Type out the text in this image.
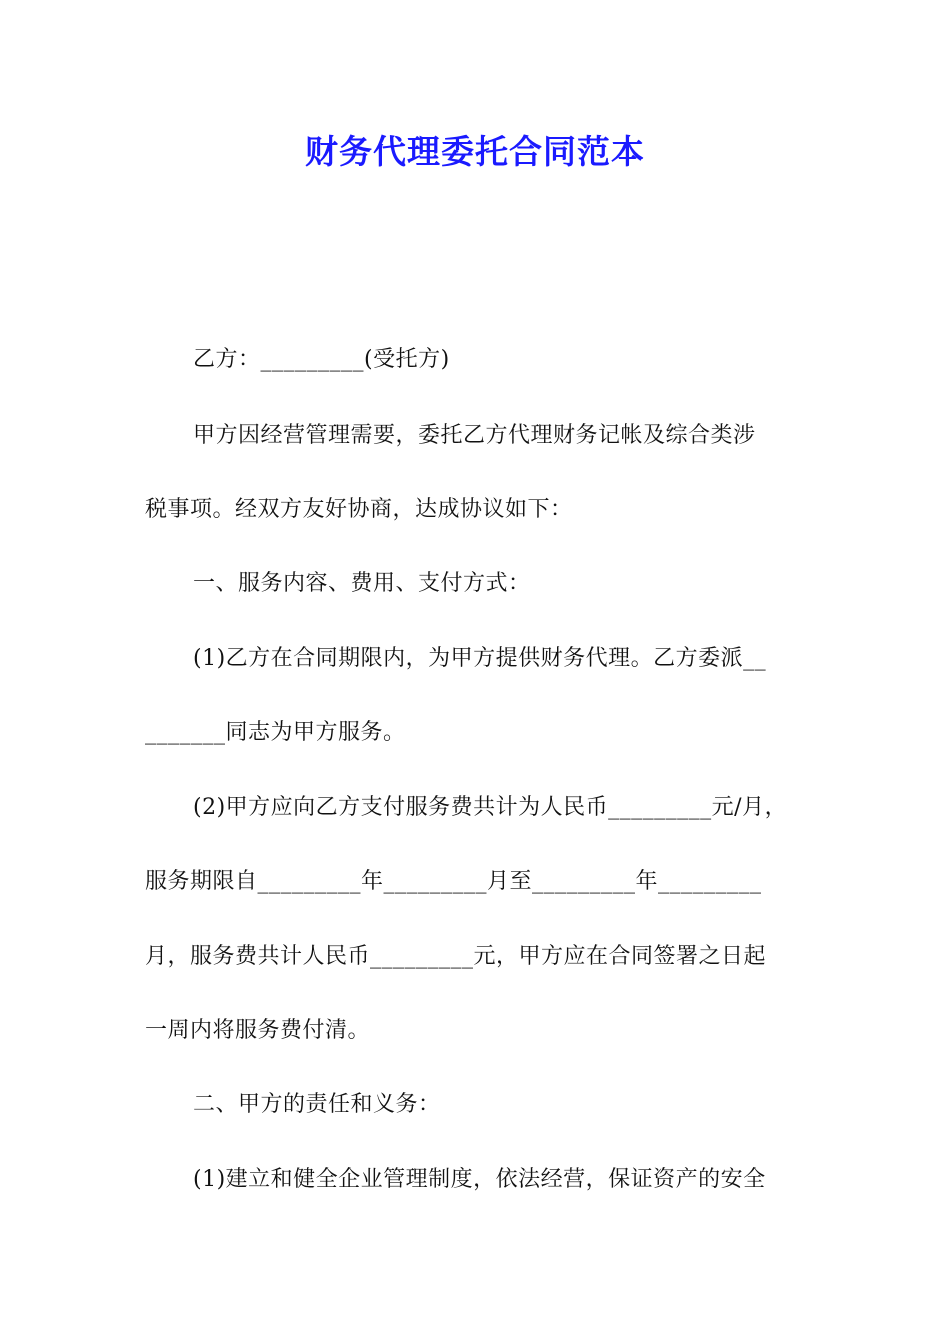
财务代理委托合同范本

乙方：_________(受托方)

甲方因经营管理需要，委托乙方代理财务记帐及综合类涉

税事项。经双方友好协商，达成协议如下：

一、服务内容、费用、支付方式：

(1)乙方在合同期限内，为甲方提供财务代理。乙方委派__

_______同志为甲方服务。

(2)甲方应向乙方支付服务费共计为人民币_________元/月，

服务期限自_________年_________月至_________年_________

月，服务费共计人民币_________元，甲方应在合同签署之日起

一周内将服务费付清。

二、甲方的责任和义务：

(1)建立和健全企业管理制度，依法经营，保证资产的安全
